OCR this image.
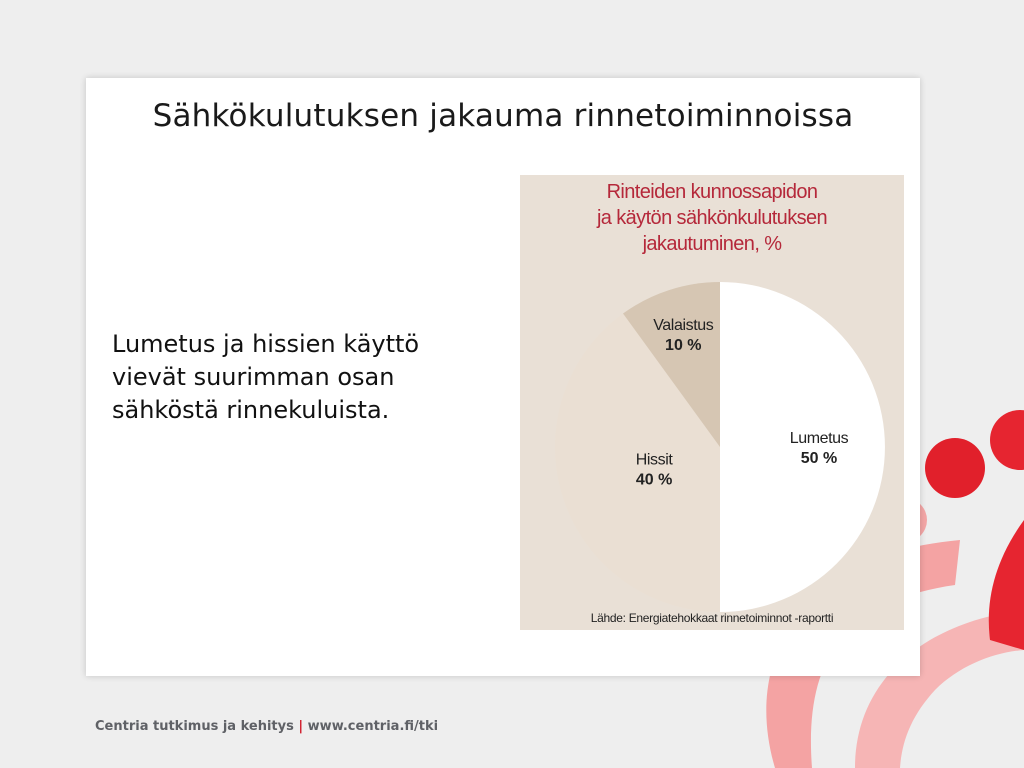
Sähkökulutuksen jakauma rinnetoiminnoissa

Lumetus ja hissien käyttö vievät suurimman osan sähköstä rinnekuluista.

Rinteiden kunnossapidon
ja käytön sähkönkulutuksen
jakautuminen, %
Lumetus
50 %
Hissit
40 %
Valaistus
10 %
Lähde: Energiatehokkaat rinnetoiminnot -raportti
Centria tutkimus ja kehitys | www.centria.fi/tki
